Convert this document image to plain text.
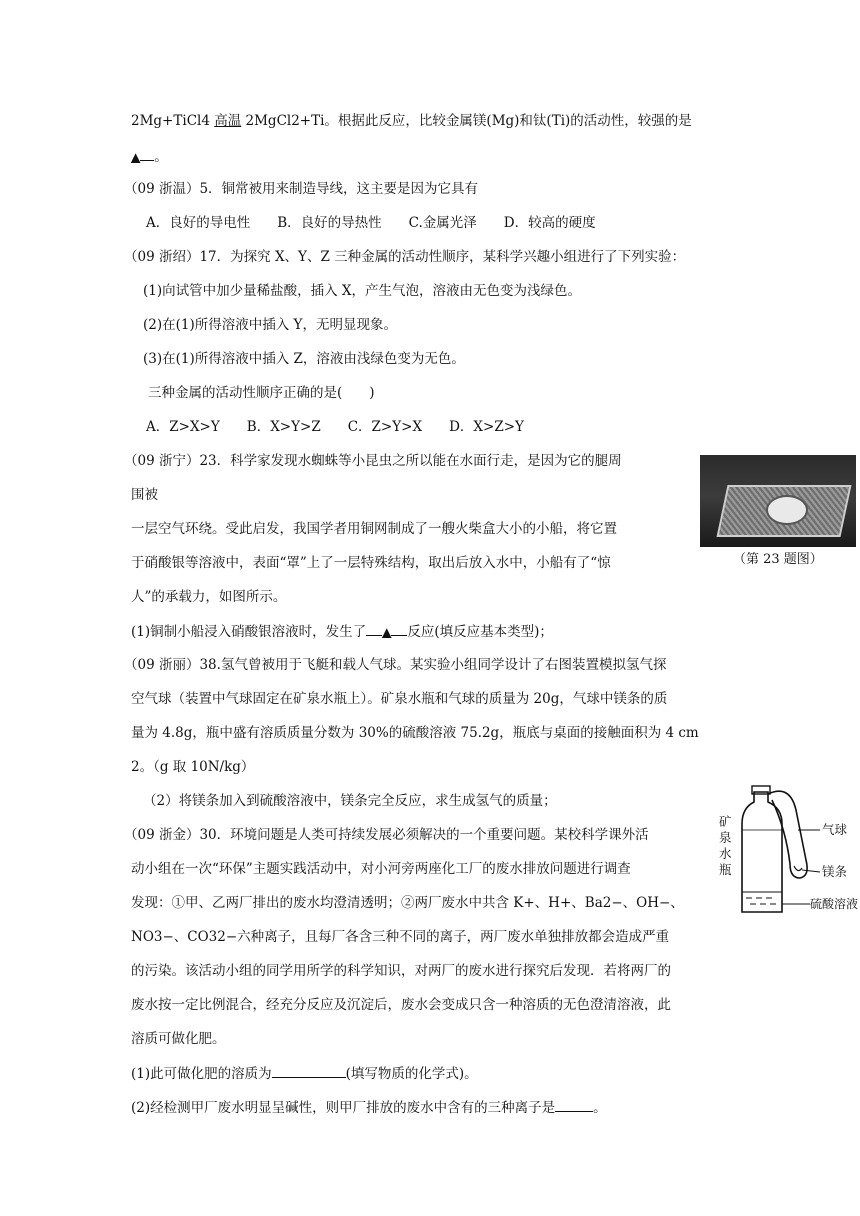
2Mg+TiCl4 高温 2MgCl2+Ti。根据此反应，比较金属镁(Mg)和钛(Ti)的活动性，较强的是
▲ 。
（09 浙温）5．铜常被用来制造导线，这主要是因为它具有
A．良好的导电性　　B．良好的导热性　　C.金属光泽　　D．较高的硬度
（09 浙绍）17．为探究 X、Y、Z 三种金属的活动性顺序，某科学兴趣小组进行了下列实验：
(1)向试管中加少量稀盐酸，插入 X，产生气泡，溶液由无色变为浅绿色。
(2)在(1)所得溶液中插入 Y，无明显现象。
(3)在(1)所得溶液中插入 Z，溶液由浅绿色变为无色。
三种金属的活动性顺序正确的是(　　)
A．Z>X>Y　　B．X>Y>Z　　C．Z>Y>X　　D．X>Z>Y
（09 浙宁）23．科学家发现水蜘蛛等小昆虫之所以能在水面行走，是因为它的腿周
围被
一层空气环绕。受此启发，我国学者用铜网制成了一艘火柴盒大小的小船，将它置
于硝酸银等溶液中，表面“罩”上了一层特殊结构，取出后放入水中，小船有了“惊
人”的承载力，如图所示。
(1)铜制小船浸入硝酸银溶液时，发生了 ▲ 反应(填反应基本类型)；
（09 浙丽）38.氢气曾被用于飞艇和载人气球。某实验小组同学设计了右图装置模拟氢气探
空气球（装置中气球固定在矿泉水瓶上）。矿泉水瓶和气球的质量为 20g，气球中镁条的质
量为 4.8g，瓶中盛有溶质质量分数为 30%的硫酸溶液 75.2g，瓶底与桌面的接触面积为 4 cm
2。（g 取 10N/kg）
（2）将镁条加入到硫酸溶液中，镁条完全反应，求生成氢气的质量；
（09 浙金）30．环境问题是人类可持续发展必须解决的一个重要问题。某校科学课外活
动小组在一次“环保”主题实践活动中，对小河旁两座化工厂的废水排放问题进行调查
发现：①甲、乙两厂排出的废水均澄清透明；②两厂废水中共含 K+、H+、Ba2−、OH−、
NO3−、CO32−六种离子，且每厂各含三种不同的离子，两厂废水单独排放都会造成严重
的污染。该活动小组的同学用所学的科学知识，对两厂的废水进行探究后发现．若将两厂的
废水按一定比例混合，经充分反应及沉淀后，废水会变成只含一种溶质的无色澄清溶液，此
溶质可做化肥。
(1)此可做化肥的溶质为	(填写物质的化学式)。
(2)经检测甲厂废水明显呈碱性，则甲厂排放的废水中含有的三种离子是	。
（第 23 题图）
气球
镁条
硫酸溶液
矿
泉
水
瓶
